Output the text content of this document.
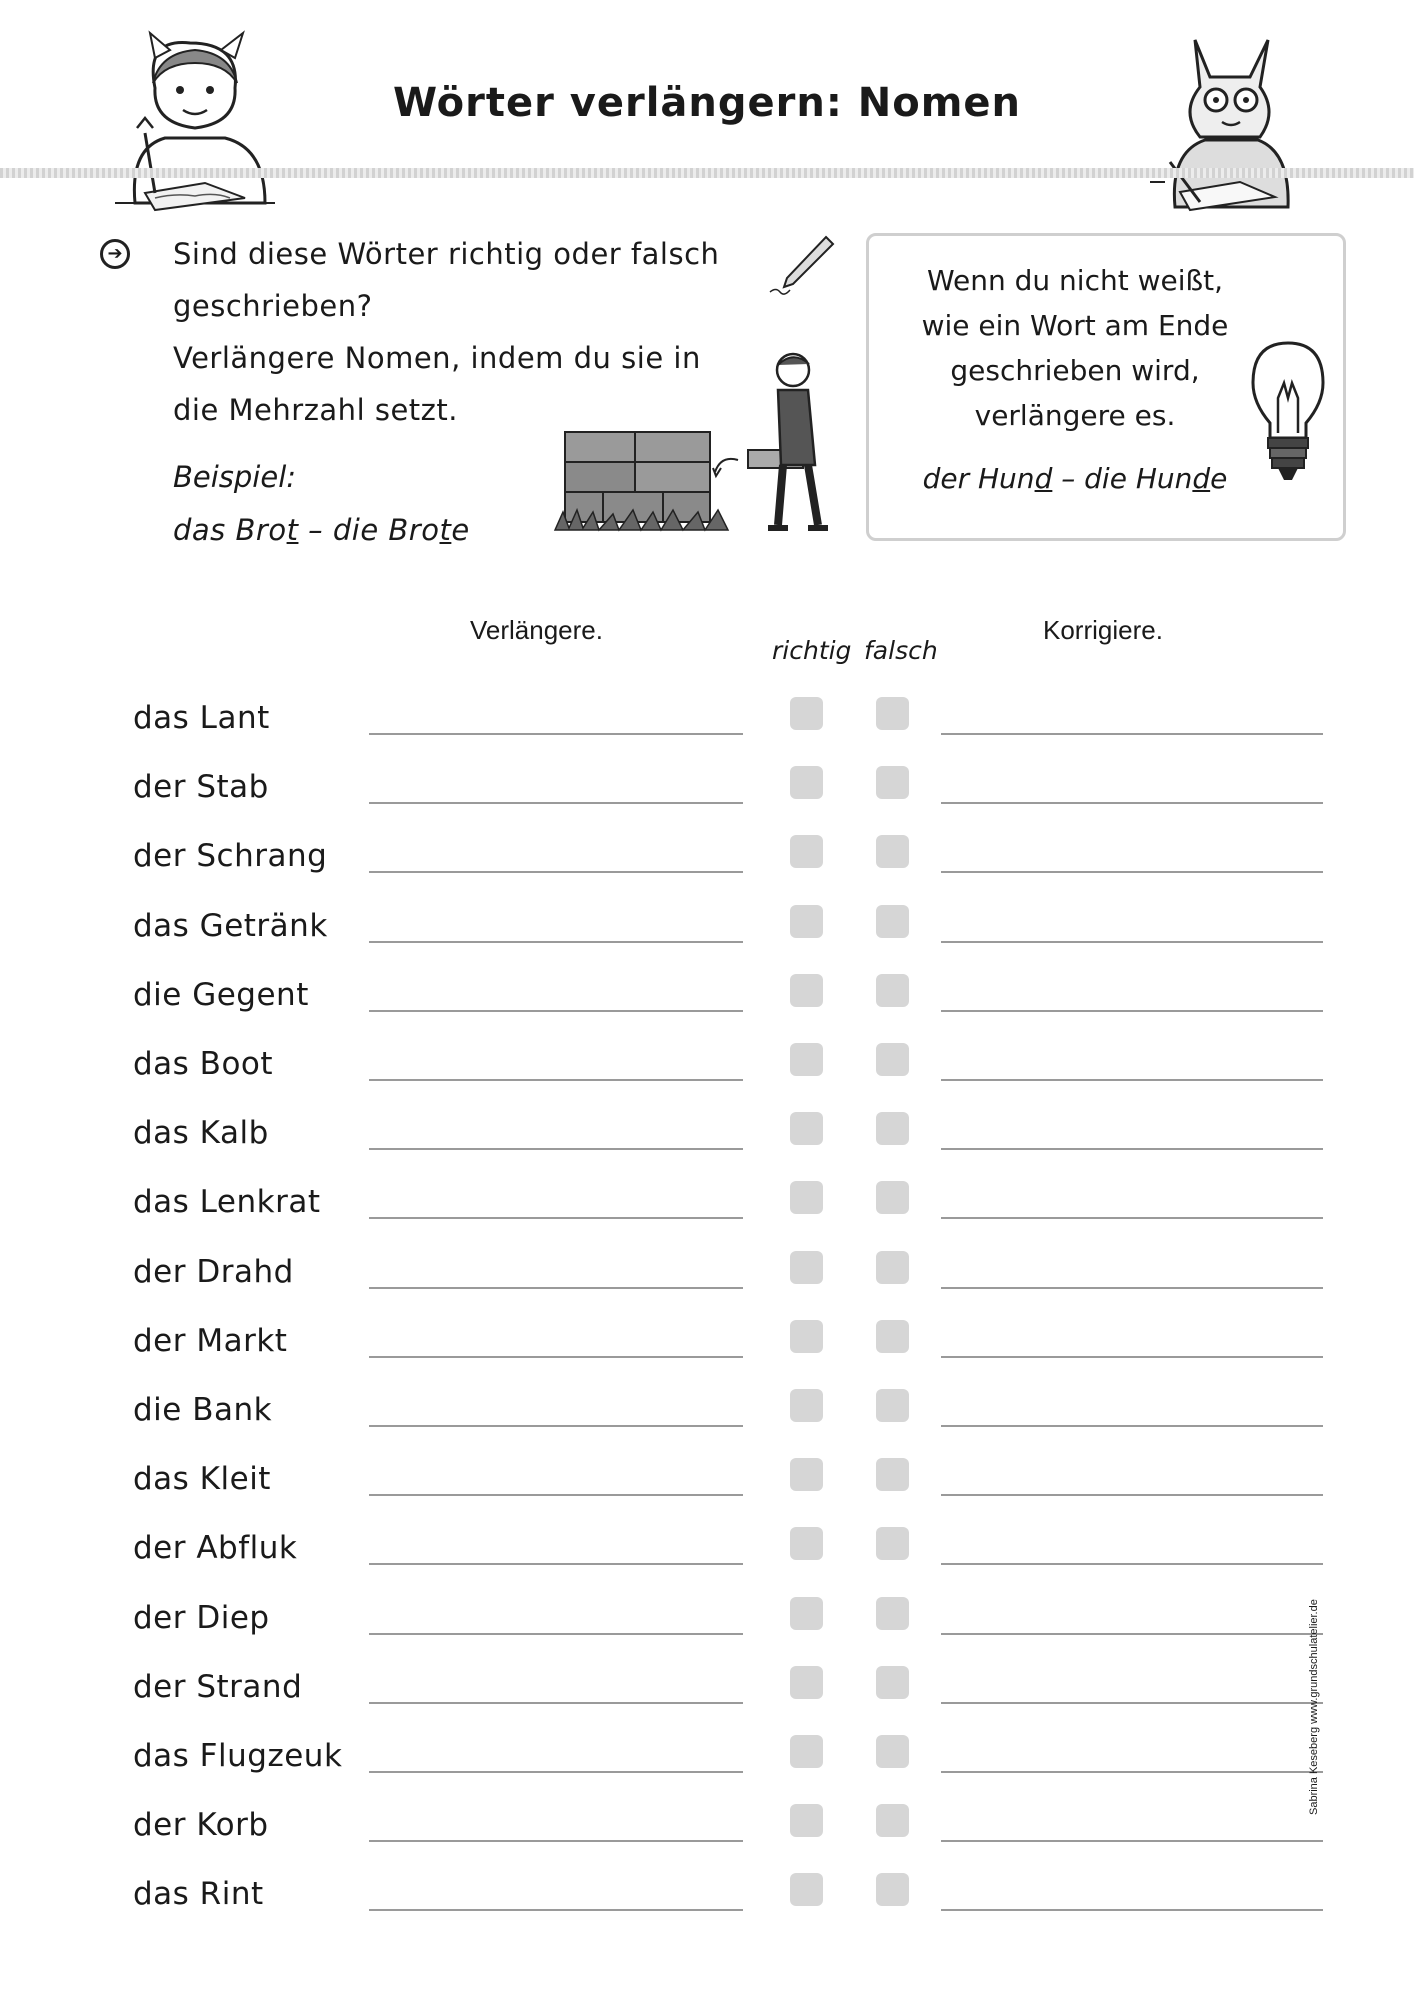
Wörter verlängern: Nomen
➔ Sind diese Wörter richtig oder falsch

geschrieben?

Verlängere Nomen, indem du sie in

die Mehrzahl setzt.

Beispiel:
das Brot – die Brote
Wenn du nicht weißt,
wie ein Wort am Ende
geschrieben wird,
verlängere es.
der Hund – die Hunde
Verlängere.
richtig falsch
Korrigiere.
das Lant
der Stab
der Schrang
das Getränk
die Gegent
das Boot
das Kalb
das Lenkrat
der Drahd
der Markt
die Bank
das Kleit
der Abfluk
der Diep
der Strand
das Flugzeuk
der Korb
das Rint
Sabrina Keseberg www.grundschulatelier.de
